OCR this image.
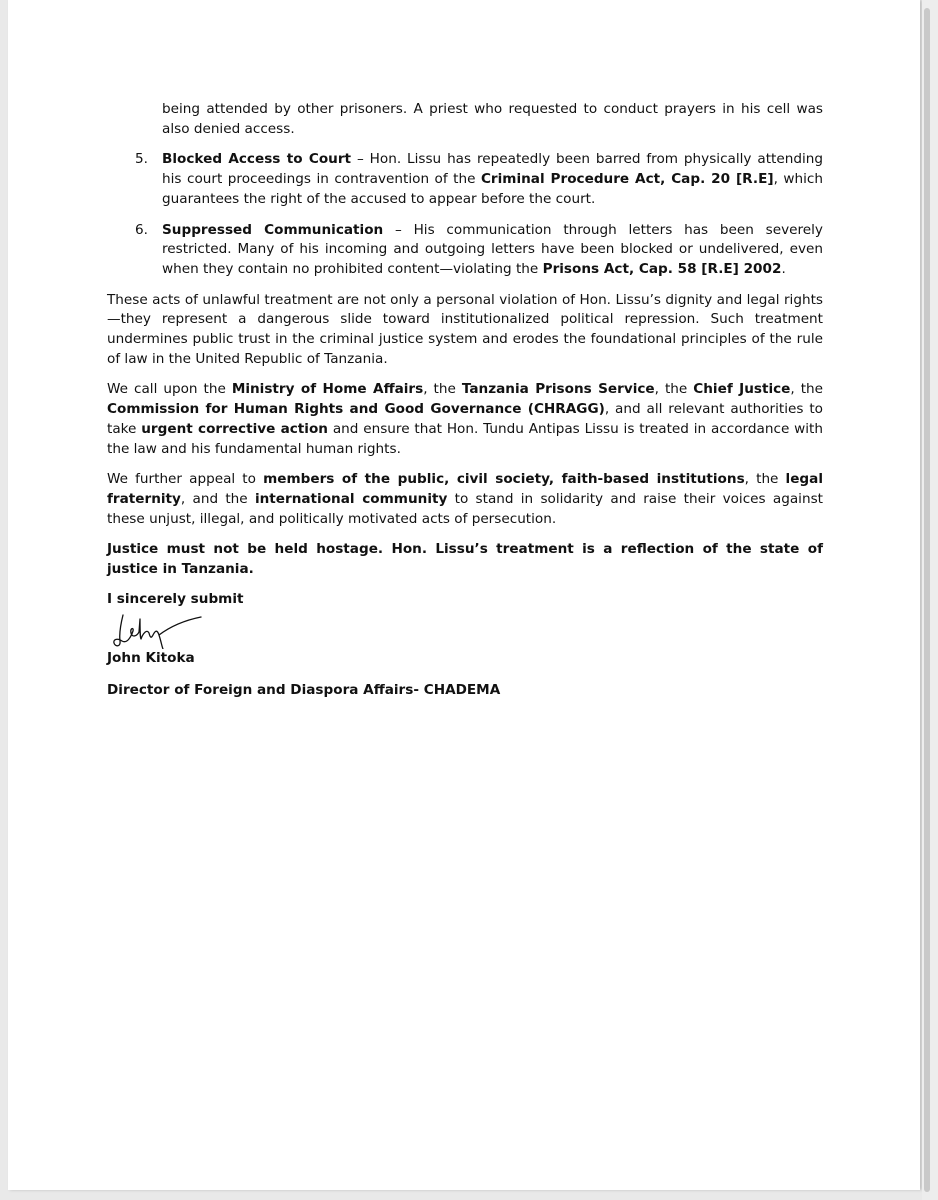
being attended by other prisoners. A priest who requested to conduct prayers in his cell was also denied access.

5. Blocked Access to Court – Hon. Lissu has repeatedly been barred from physically attending his court proceedings in contravention of the Criminal Procedure Act, Cap. 20 [R.E], which guarantees the right of the accused to appear before the court.

6. Suppressed Communication – His communication through letters has been severely restricted. Many of his incoming and outgoing letters have been blocked or undelivered, even when they contain no prohibited content—violating the Prisons Act, Cap. 58 [R.E] 2002.

These acts of unlawful treatment are not only a personal violation of Hon. Lissu’s dignity and legal rights—they represent a dangerous slide toward institutionalized political repression. Such treatment undermines public trust in the criminal justice system and erodes the foundational principles of the rule of law in the United Republic of Tanzania.

We call upon the Ministry of Home Affairs, the Tanzania Prisons Service, the Chief Justice, the Commission for Human Rights and Good Governance (CHRAGG), and all relevant authorities to take urgent corrective action and ensure that Hon. Tundu Antipas Lissu is treated in accordance with the law and his fundamental human rights.

We further appeal to members of the public, civil society, faith-based institutions, the legal fraternity, and the international community to stand in solidarity and raise their voices against these unjust, illegal, and politically motivated acts of persecution.

Justice must not be held hostage. Hon. Lissu’s treatment is a reflection of the state of justice in Tanzania.

I sincerely submit

John Kitoka

Director of Foreign and Diaspora Affairs- CHADEMA
